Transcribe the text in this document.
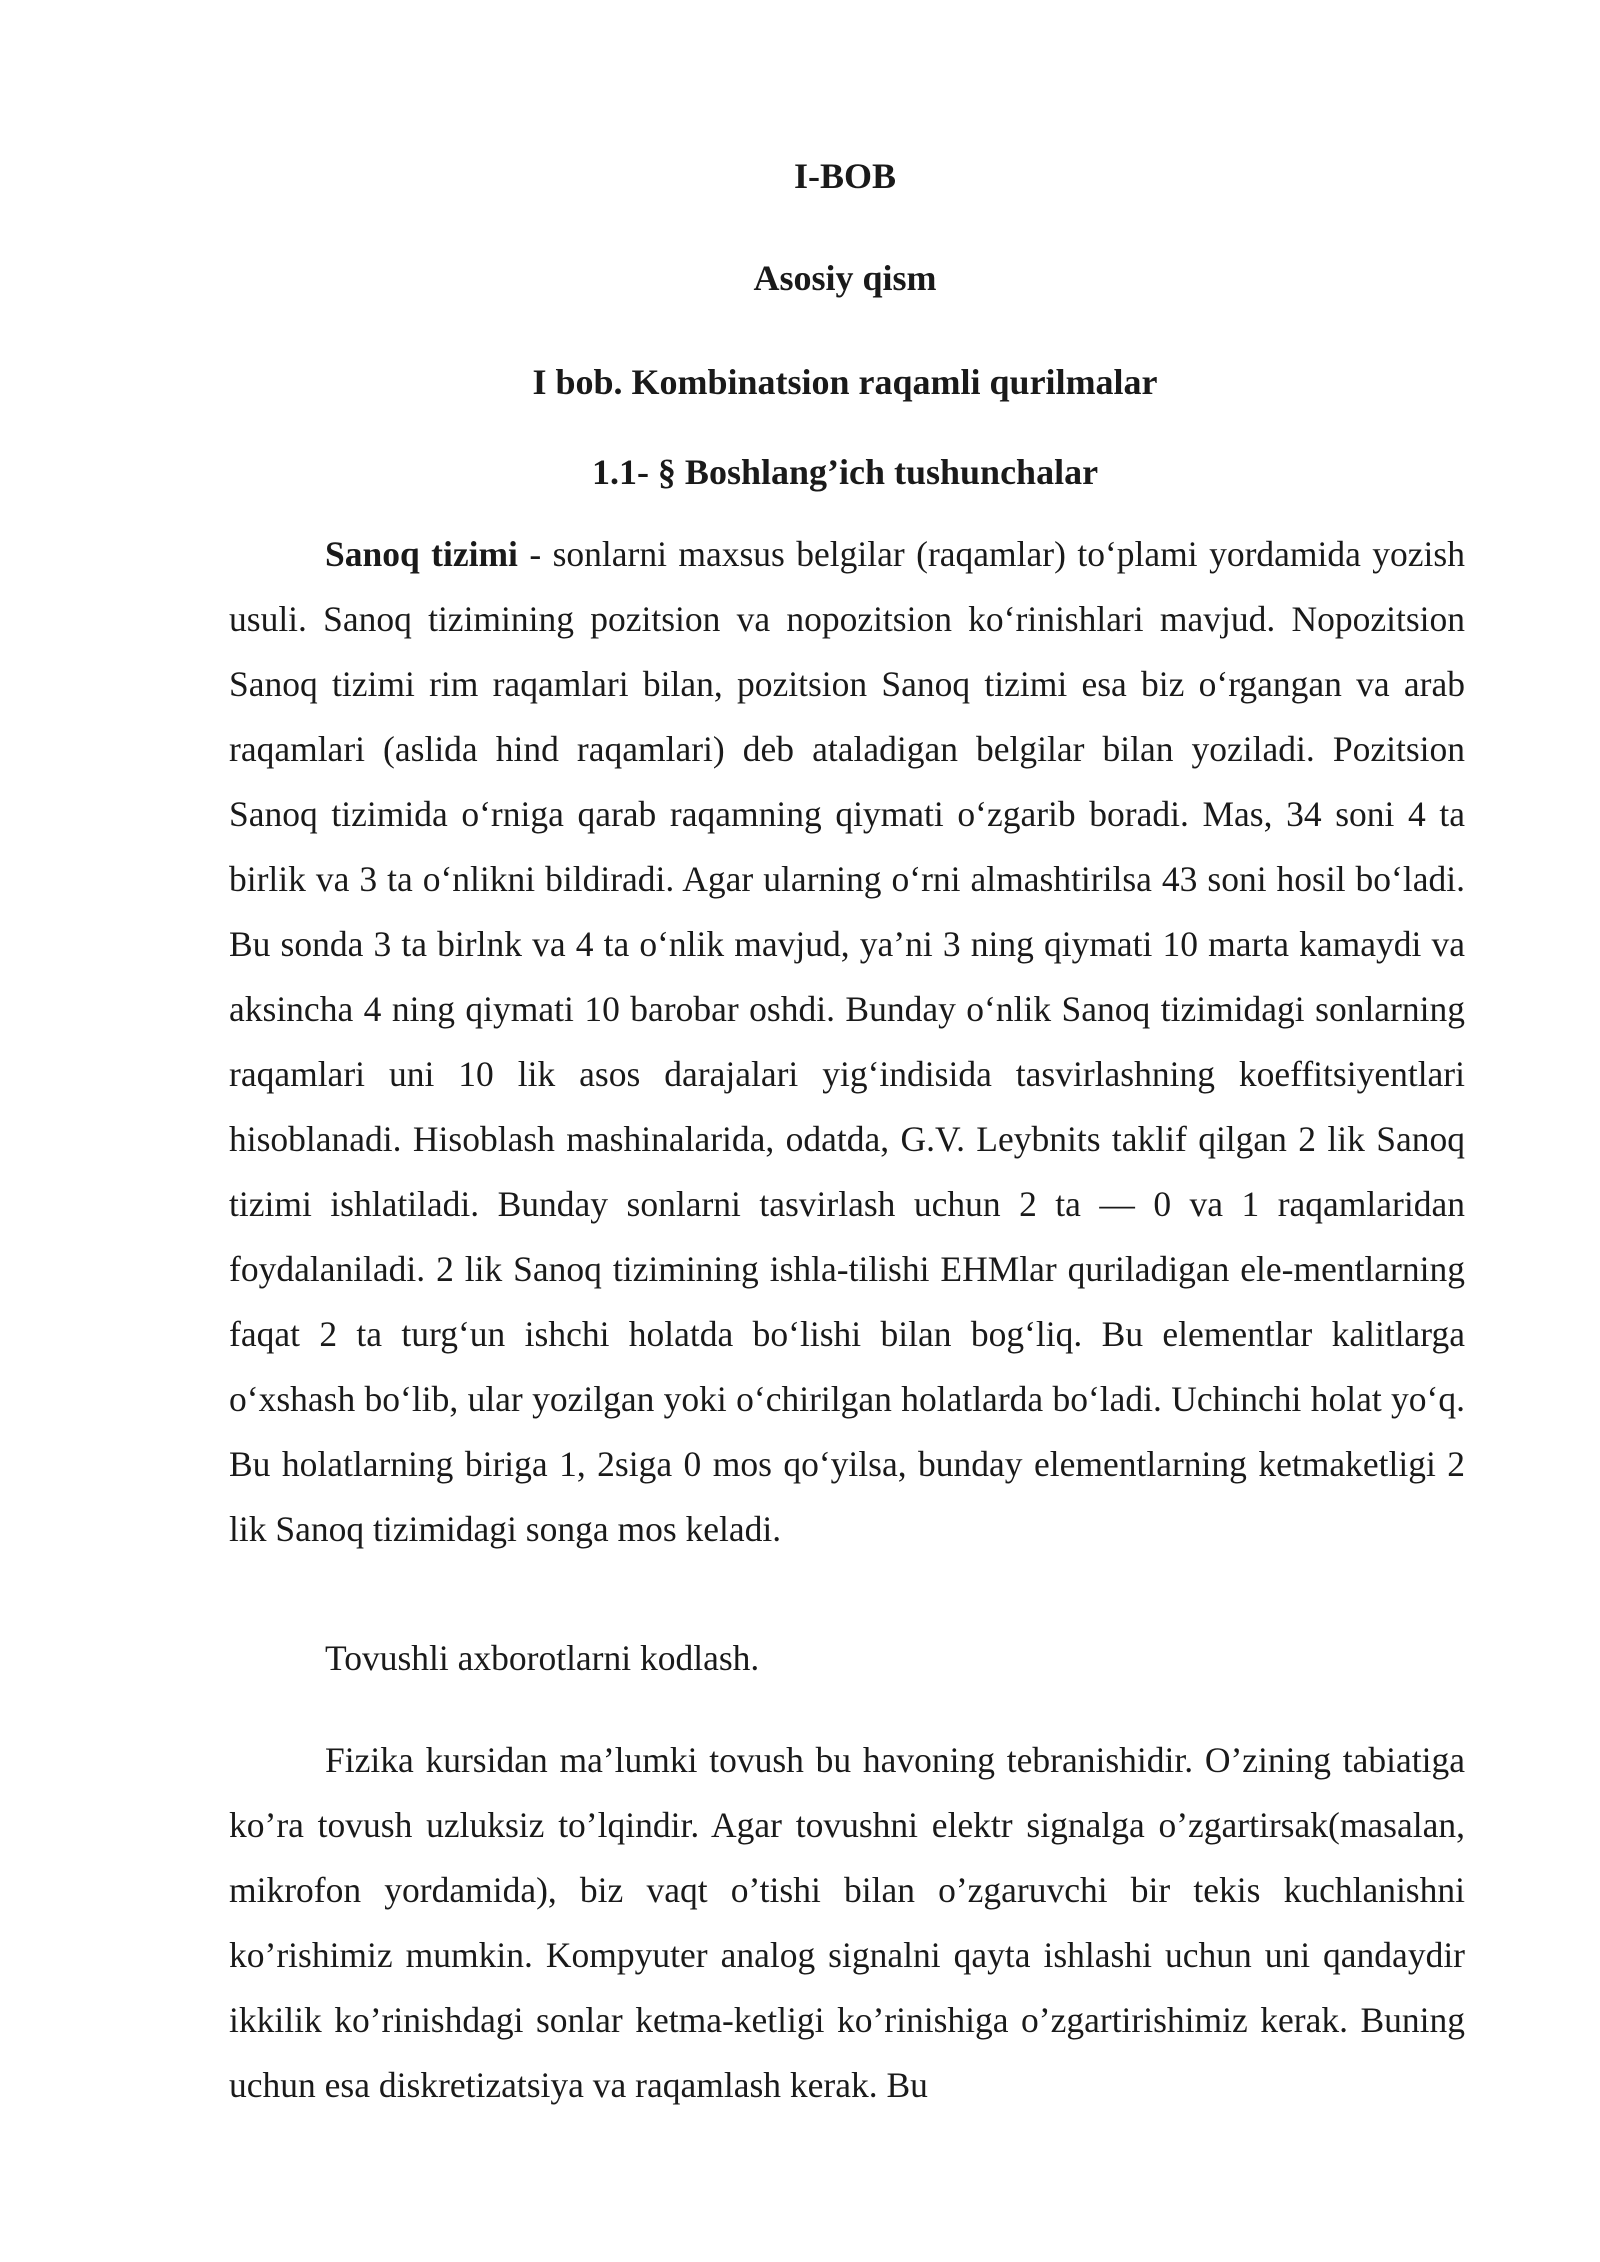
I-BOB
Asosiy qism
I bob. Kombinatsion raqamli qurilmalar
1.1- § Boshlang’ich tushunchalar

Sanoq tizimi - sonlarni maxsus belgilar (raqamlar) to‘plami yordamida yozish usuli. Sanoq tizimining pozitsion va nopozitsion ko‘rinishlari mavjud. Nopozitsion Sanoq tizimi rim raqamlari bilan, pozitsion Sanoq tizimi esa biz o‘rgangan va arab raqamlari (aslida hind raqamlari) deb ataladigan belgilar bilan yoziladi. Pozitsion Sanoq tizimida o‘rniga qarab raqamning qiymati o‘zgarib boradi. Mas, 34 soni 4 ta birlik va 3 ta o‘nlikni bildiradi. Agar ularning o‘rni almashtirilsa 43 soni hosil bo‘ladi. Bu sonda 3 ta birlnk va 4 ta o‘nlik mavjud, ya’ni 3 ning qiymati 10 marta kamaydi va aksincha 4 ning qiymati 10 barobar oshdi. Bunday o‘nlik Sanoq tizimidagi sonlarning raqamlari uni 10 lik asos darajalari yig‘indisida tasvirlashning koeffitsiyentlari hisoblanadi. Hisoblash mashinalarida, odatda, G.V. Leybnits taklif qilgan 2 lik Sanoq tizimi ishlatiladi. Bunday sonlarni tasvirlash uchun 2 ta — 0 va 1 raqamlaridan foydalaniladi. 2 lik Sanoq tizimining ishla-tilishi EHMlar quriladigan ele-mentlarning faqat 2 ta turg‘un ishchi holatda bo‘lishi bilan bog‘liq. Bu elementlar kalitlarga o‘xshash bo‘lib, ular yozilgan yoki o‘chirilgan holatlarda bo‘ladi. Uchinchi holat yo‘q. Bu holatlarning biriga 1, 2siga 0 mos qo‘yilsa, bunday elementlarning ketmaketligi 2 lik Sanoq tizimidagi songa mos keladi.

Tovushli axborotlarni kodlash.

Fizika kursidan ma’lumki tovush bu havoning tebranishidir. O’zining tabiatiga ko’ra tovush uzluksiz to’lqindir. Agar tovushni elektr signalga o’zgartirsak(masalan, mikrofon yordamida), biz vaqt o’tishi bilan o’zgaruvchi bir tekis kuchlanishni ko’rishimiz mumkin. Kompyuter analog signalni qayta ishlashi uchun uni qandaydir ikkilik ko’rinishdagi sonlar ketma-ketligi ko’rinishiga o’zgartirishimiz kerak. Buning uchun esa diskretizatsiya va raqamlash kerak. Bu
